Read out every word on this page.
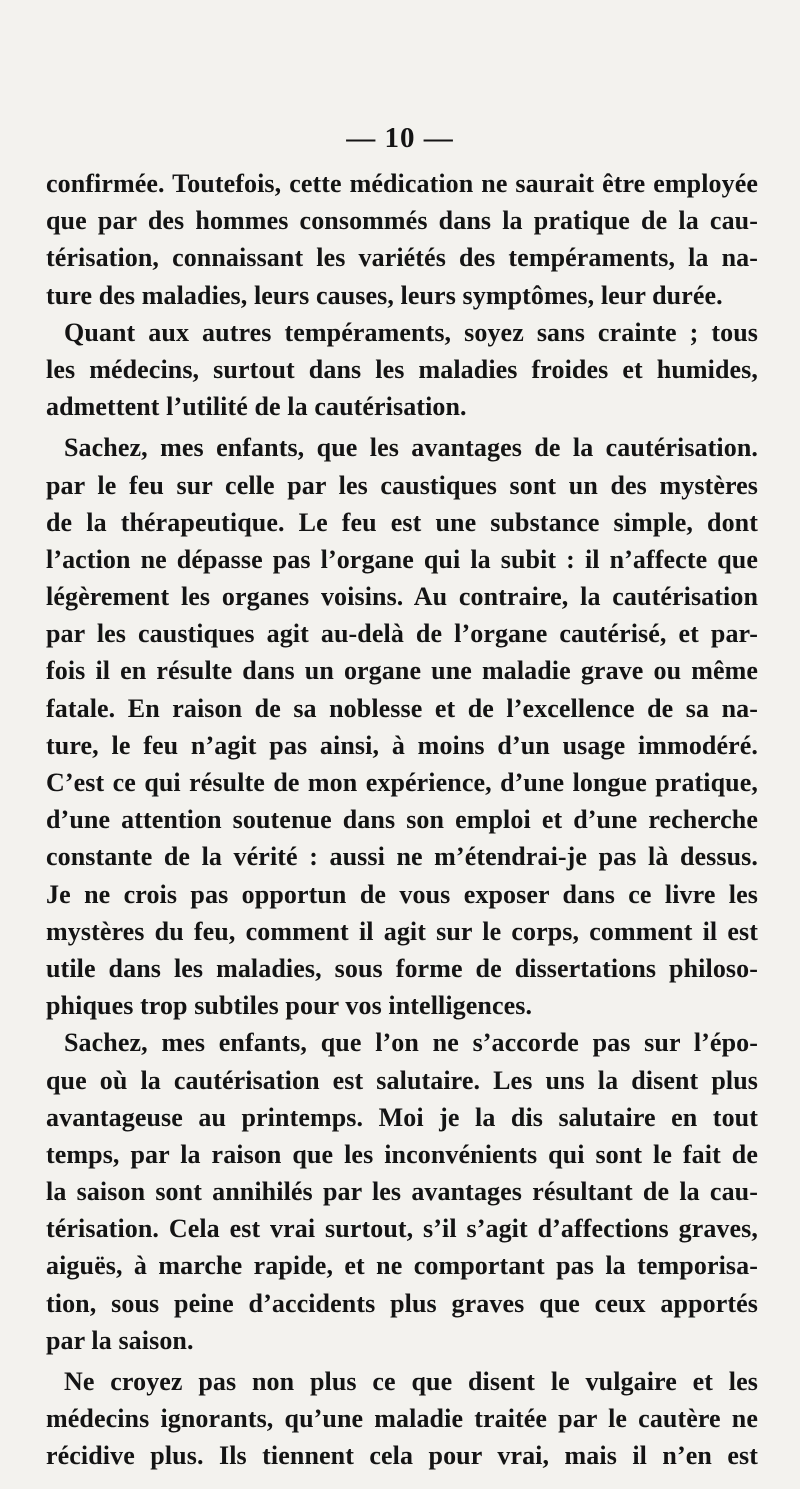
— 10 —
confirmée. Toutefois, cette médication ne saurait être employée
que par des hommes consommés dans la pratique de la cau-
térisation, connaissant les variétés des tempéraments, la na-
ture des maladies, leurs causes, leurs symptômes, leur durée.
Quant aux autres tempéraments, soyez sans crainte ; tous
les médecins, surtout dans les maladies froides et humides,
admettent l’utilité de la cautérisation.
Sachez, mes enfants, que les avantages de la cautérisation.
par le feu sur celle par les caustiques sont un des mystères
de la thérapeutique. Le feu est une substance simple, dont
l’action ne dépasse pas l’organe qui la subit : il n’affecte que
légèrement les organes voisins. Au contraire, la cautérisation
par les caustiques agit au-delà de l’organe cautérisé, et par-
fois il en résulte dans un organe une maladie grave ou même
fatale. En raison de sa noblesse et de l’excellence de sa na-
ture, le feu n’agit pas ainsi, à moins d’un usage immodéré.
C’est ce qui résulte de mon expérience, d’une longue pratique,
d’une attention soutenue dans son emploi et d’une recherche
constante de la vérité : aussi ne m’étendrai-je pas là dessus.
Je ne crois pas opportun de vous exposer dans ce livre les
mystères du feu, comment il agit sur le corps, comment il est
utile dans les maladies, sous forme de dissertations philoso-
phiques trop subtiles pour vos intelligences.
Sachez, mes enfants, que l’on ne s’accorde pas sur l’épo-
que où la cautérisation est salutaire. Les uns la disent plus
avantageuse au printemps. Moi je la dis salutaire en tout
temps, par la raison que les inconvénients qui sont le fait de
la saison sont annihilés par les avantages résultant de la cau-
térisation. Cela est vrai surtout, s’il s’agit d’affections graves,
aiguës, à marche rapide, et ne comportant pas la temporisa-
tion, sous peine d’accidents plus graves que ceux apportés
par la saison.
Ne croyez pas non plus ce que disent le vulgaire et les
médecins ignorants, qu’une maladie traitée par le cautère ne
récidive plus. Ils tiennent cela pour vrai, mais il n’en est
